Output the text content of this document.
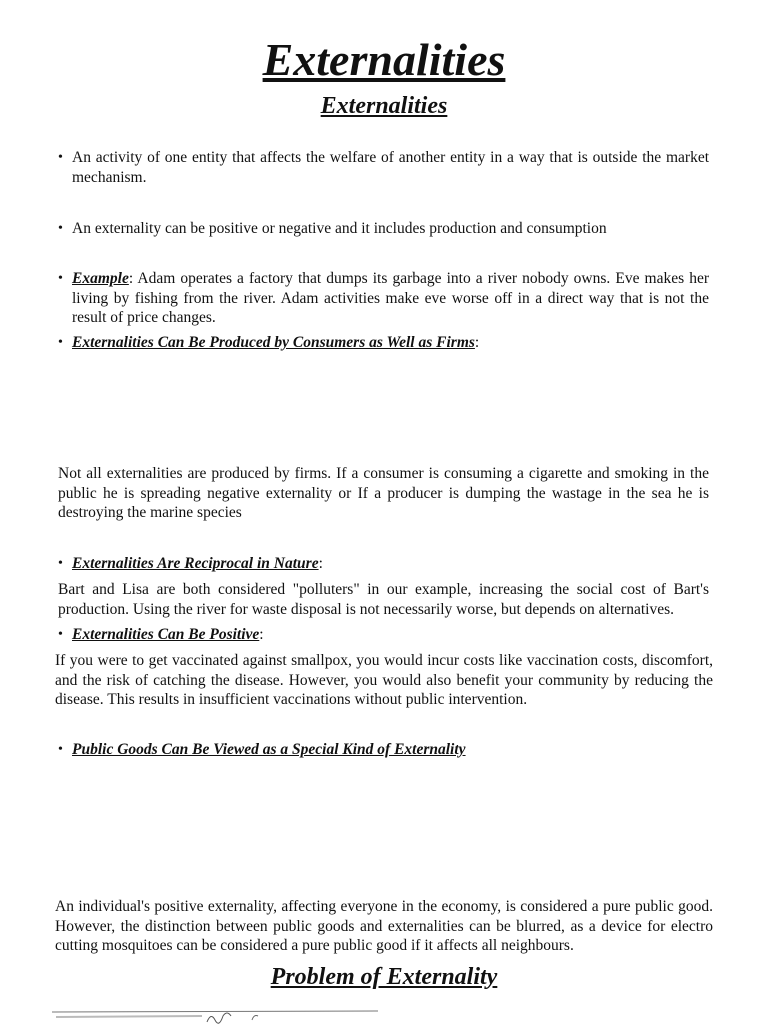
Externalities
Externalities
• An activity of one entity that affects the welfare of another entity in a way that is outside the market mechanism.
• An externality can be positive or negative and it includes production and consumption
• Example: Adam operates a factory that dumps its garbage into a river nobody owns. Eve makes her living by fishing from the river. Adam activities make eve worse off in a direct way that is not the result of price changes.
• Externalities Can Be Produced by Consumers as Well as Firms:
Not all externalities are produced by firms. If a consumer is consuming a cigarette and smoking in the public he is spreading negative externality or If a producer is dumping the wastage in the sea he is destroying the marine species
• Externalities Are Reciprocal in Nature:
Bart and Lisa are both considered "polluters" in our example, increasing the social cost of Bart's production. Using the river for waste disposal is not necessarily worse, but depends on alternatives.
• Externalities Can Be Positive:
If you were to get vaccinated against smallpox, you would incur costs like vaccination costs, discomfort, and the risk of catching the disease. However, you would also benefit your community by reducing the disease. This results in insufficient vaccinations without public intervention.
• Public Goods Can Be Viewed as a Special Kind of Externality
An individual's positive externality, affecting everyone in the economy, is considered a pure public good. However, the distinction between public goods and externalities can be blurred, as a device for electro cutting mosquitoes can be considered a pure public good if it affects all neighbours.
Problem of Externality
